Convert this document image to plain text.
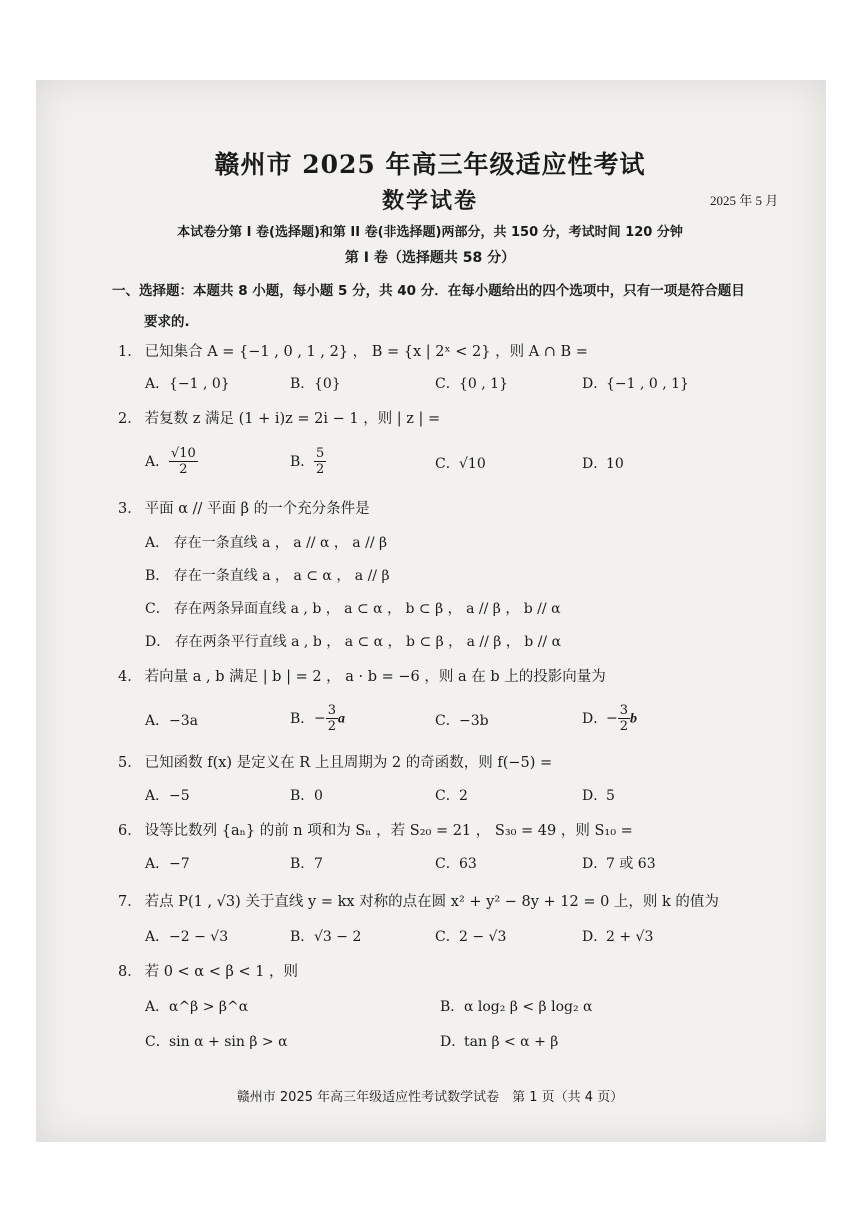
赣州市 2025 年高三年级适应性考试
数学试卷	2025 年 5 月
本试卷分第 I 卷(选择题)和第 II 卷(非选择题)两部分，共 150 分，考试时间 120 分钟
第 I 卷（选择题共 58 分）
一、选择题：本题共 8 小题，每小题 5 分，共 40 分．在每小题给出的四个选项中，只有一项是符合题目
要求的.
1． 已知集合 A = {−1 , 0 , 1 , 2} ， B = {x | 2ˣ < 2} ，则 A ∩ B =
A．{−1 , 0}	B．{0}	C．{0 , 1}	D．{−1 , 0 , 1}
2． 若复数 z 满足 (1 + i)z = 2i − 1 ，则 | z | =
A． $\frac{√10}{2}$	B． $\frac{5}{2}$	C．√10	D．10
3． 平面 α // 平面 β 的一个充分条件是
A． 存在一条直线 a ， a // α ， a // β
B． 存在一条直线 a ， a ⊂ α ， a // β
C． 存在两条异面直线 a , b ， a ⊂ α ， b ⊂ β ， a // β ， b // α
D． 存在两条平行直线 a , b ， a ⊂ α ， b ⊂ β ， a // β ， b // α
4． 若向量 a , b 满足 | b | = 2 ， a · b = −6 ，则 a 在 b 上的投影向量为
A．−3a	B．− $\frac{3}{2}$ a	C．−3b	D．− $\frac{3}{2}$ b
5． 已知函数 f(x) 是定义在 R 上且周期为 2 的奇函数，则 f(−5) =
A．−5	B．0	C．2	D．5
6． 设等比数列 {aₙ} 的前 n 项和为 Sₙ ，若 S₂₀ = 21 ， S₃₀ = 49 ，则 S₁₀ =
A．−7	B．7	C．63	D．7 或 63
7． 若点 P(1 , √3) 关于直线 y = kx 对称的点在圆 x² + y² − 8y + 12 = 0 上，则 k 的值为
A．−2 − √3	B．√3 − 2	C．2 − √3	D．2 + √3
8． 若 0 < α < β < 1 ，则
A．α^β > β^α	B．α log₂ β < β log₂ α
C．sin α + sin β > α	D．tan β < α + β
赣州市 2025 年高三年级适应性考试数学试卷　第 1 页（共 4 页）
